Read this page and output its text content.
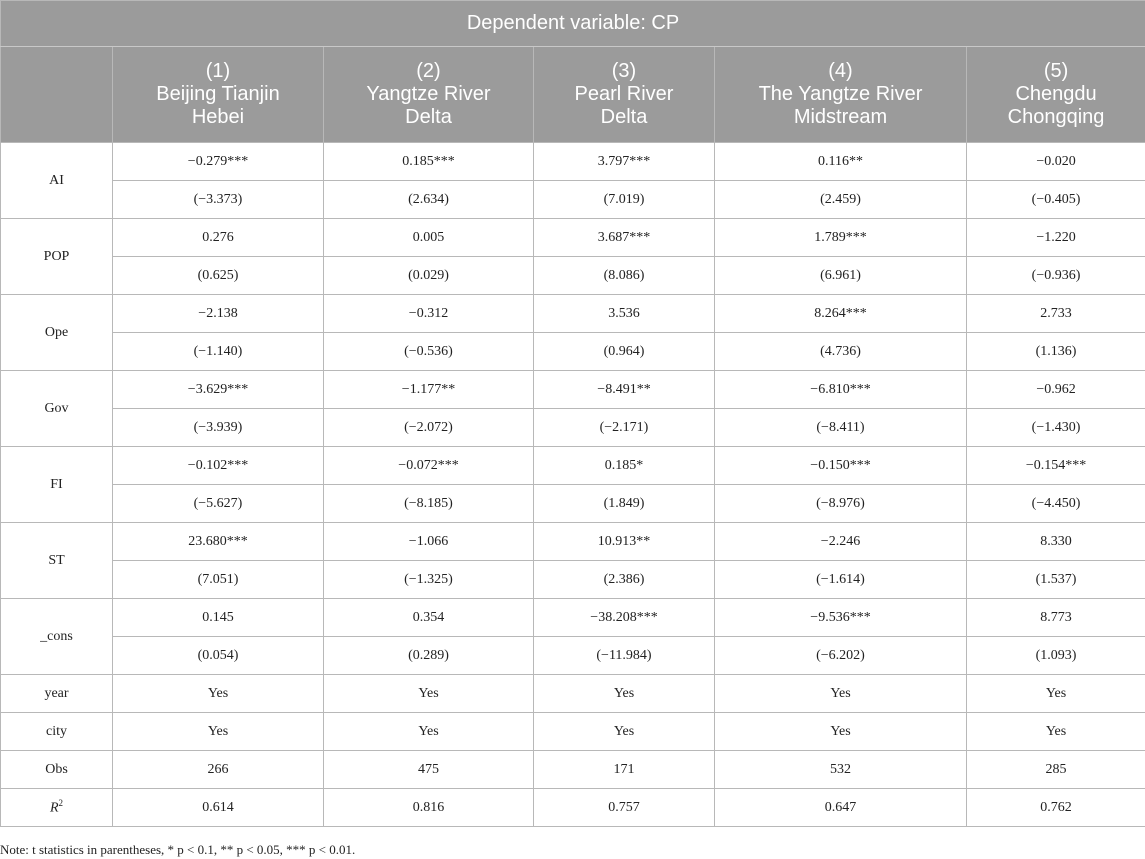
Dependent variable: CP					

	(1)
Beijing Tianjin
Hebei	(2)
Yangtze River
Delta	(3)
Pearl River
Delta	(4)
The Yangtze River
Midstream	(5)
Chengdu
Chongqing

AI	−0.279***	0.185***	3.797***	0.116**	−0.020
	(−3.373)	(2.634)	(7.019)	(2.459)	(−0.405)
POP	0.276	0.005	3.687***	1.789***	−1.220
	(0.625)	(0.029)	(8.086)	(6.961)	(−0.936)
Ope	−2.138	−0.312	3.536	8.264***	2.733
	(−1.140)	(−0.536)	(0.964)	(4.736)	(1.136)
Gov	−3.629***	−1.177**	−8.491**	−6.810***	−0.962
	(−3.939)	(−2.072)	(−2.171)	(−8.411)	(−1.430)
FI	−0.102***	−0.072***	0.185*	−0.150***	−0.154***
	(−5.627)	(−8.185)	(1.849)	(−8.976)	(−4.450)
ST	23.680***	−1.066	10.913**	−2.246	8.330
	(7.051)	(−1.325)	(2.386)	(−1.614)	(1.537)
_cons	0.145	0.354	−38.208***	−9.536***	8.773
	(0.054)	(0.289)	(−11.984)	(−6.202)	(1.093)
year	Yes	Yes	Yes	Yes	Yes
city	Yes	Yes	Yes	Yes	Yes
Obs	266	475	171	532	285
$R^2$	0.614	0.816	0.757	0.647	0.762
Note: t statistics in parentheses, * p < 0.1, ** p < 0.05, *** p < 0.01.
